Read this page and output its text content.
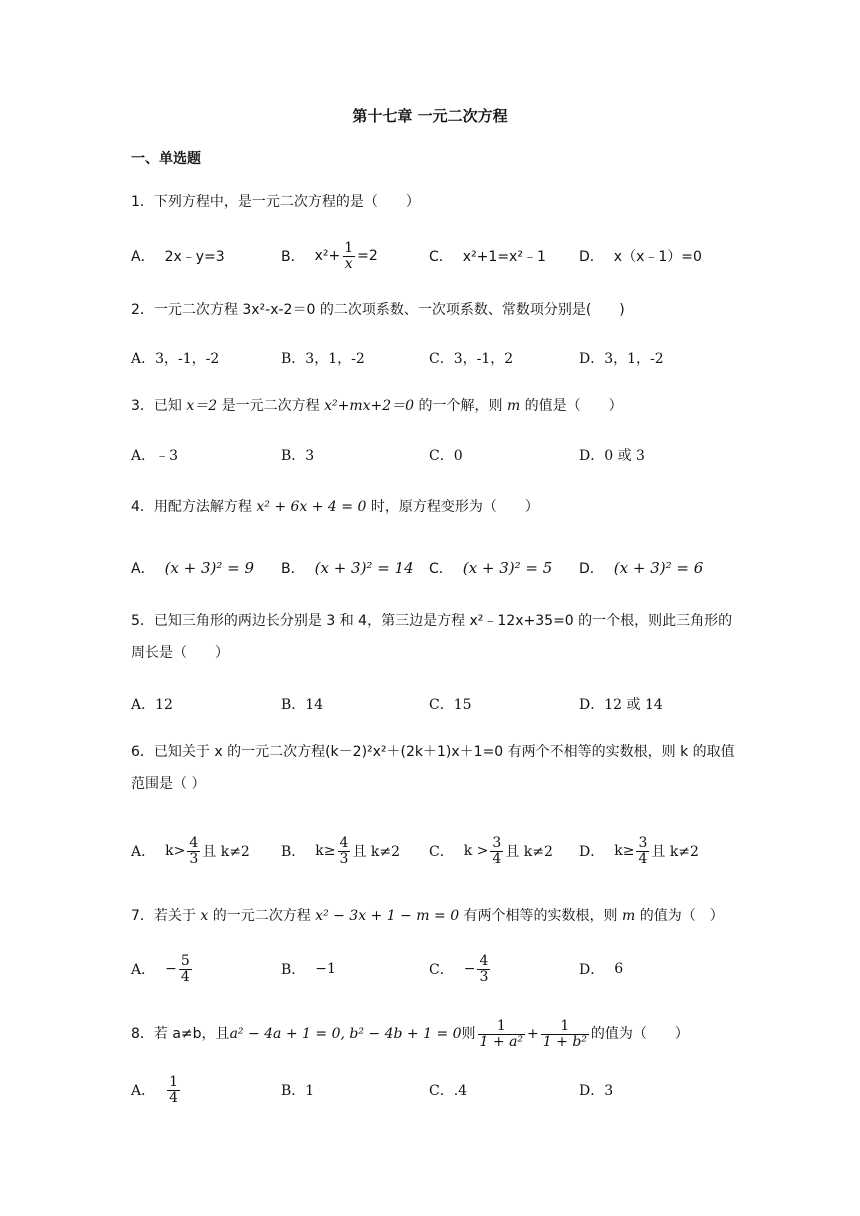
第十七章 一元二次方程
一、单选题
1．下列方程中，是一元二次方程的是（　　）
A． 2x﹣y=3	B． $x^2+ \frac{1}{x} =2$	C． x²+1=x²﹣1 D． x（x﹣1）=0
2．一元二次方程 3x²-x-2＝0 的二次项系数、一次项系数、常数项分别是(　　)
A．3，-1，-2	B．3，1，-2	C．3，-1，2	D．3，1，-2
3．已知 x＝2 是一元二次方程 x²+mx+2＝0 的一个解，则 m 的值是（　　）
A．﹣3	B．3	C．0	D．0 或 3
4．用配方法解方程 x² + 6x + 4 = 0 时，原方程变形为（　　）
A． (x + 3)² = 9 B． (x + 3)² = 14 C． (x + 3)² = 5 D． (x + 3)² = 6
5．已知三角形的两边长分别是 3 和 4，第三边是方程 x²﹣12x+35=0 的一个根，则此三角形的周长是（　　）
A．12	B．14	C．15	D．12 或 14
6．已知关于 x 的一元二次方程(k－2)²x²＋(2k＋1)x＋1=0 有两个不相等的实数根，则 k 的取值范围是（ ）
A． $k> \frac{4}{3}$ 且 k≠2 B． $k\ge \frac{4}{3}$ 且 k≠2 C． $k > \frac{3}{4}$ 且 k≠2 D． $k\ge \frac{3}{4}$ 且 k≠2
7．若关于 x 的一元二次方程 x² − 3x + 1 − m = 0 有两个相等的实数根，则 m 的值为（　）
A． − $\frac{5}{4}$	B． −1	C． − $\frac{4}{3}$	D． 6
8．若 a≠b，且 a² − 4a + 1 = 0, b² − 4b + 1 = 0 则 $\frac{1}{\text{1 + a²}} + \frac{1}{\text{1 + b²}}$ 的值为（　　）
A． $\frac{1}{4}$	B．1	C．.4	D．3
